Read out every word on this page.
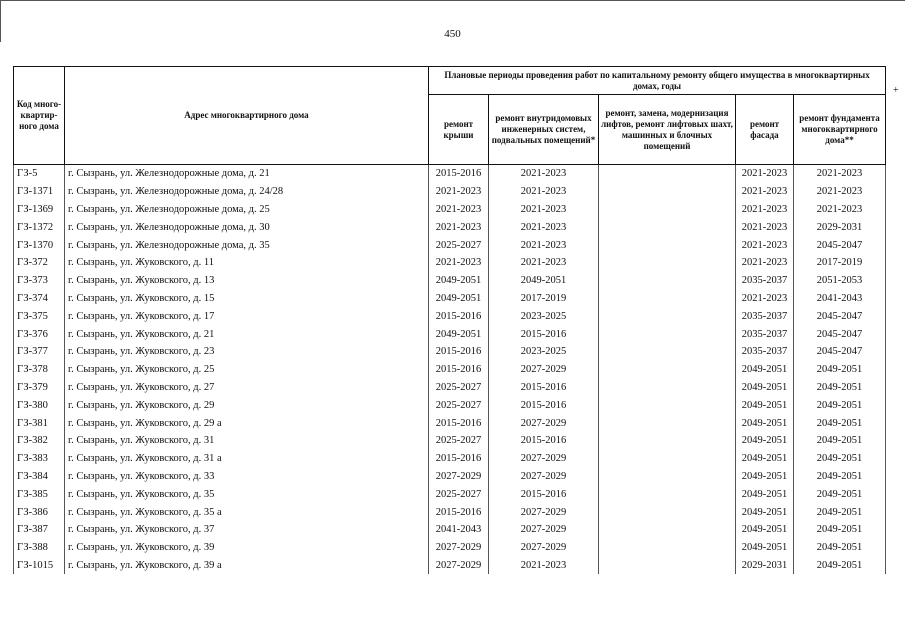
450
+
Код много-квартир-ного дома	Адрес многоквартирного дома	Плановые периоды проведения работ по капитальному ремонту общего имущества в многоквартирных домах, годы				
		ремонт крыши	ремонт внутридомовых инженерных систем, подвальных помещений*	ремонт, замена, модернизация лифтов, ремонт лифтовых шахт, машинных и блочных помещений	ремонт фасада	ремонт фундамента многоквартирного дома**
ГЗ-5	г. Сызрань, ул. Железнодорожные дома, д. 21	2015-2016	2021-2023		2021-2023	2021-2023
ГЗ-1371	г. Сызрань, ул. Железнодорожные дома, д. 24/28	2021-2023	2021-2023		2021-2023	2021-2023
ГЗ-1369	г. Сызрань, ул. Железнодорожные дома, д. 25	2021-2023	2021-2023		2021-2023	2021-2023
ГЗ-1372	г. Сызрань, ул. Железнодорожные дома, д. 30	2021-2023	2021-2023		2021-2023	2029-2031
ГЗ-1370	г. Сызрань, ул. Железнодорожные дома, д. 35	2025-2027	2021-2023		2021-2023	2045-2047
ГЗ-372	г. Сызрань, ул. Жуковского, д. 11	2021-2023	2021-2023		2021-2023	2017-2019
ГЗ-373	г. Сызрань, ул. Жуковского, д. 13	2049-2051	2049-2051		2035-2037	2051-2053
ГЗ-374	г. Сызрань, ул. Жуковского, д. 15	2049-2051	2017-2019		2021-2023	2041-2043
ГЗ-375	г. Сызрань, ул. Жуковского, д. 17	2015-2016	2023-2025		2035-2037	2045-2047
ГЗ-376	г. Сызрань, ул. Жуковского, д. 21	2049-2051	2015-2016		2035-2037	2045-2047
ГЗ-377	г. Сызрань, ул. Жуковского, д. 23	2015-2016	2023-2025		2035-2037	2045-2047
ГЗ-378	г. Сызрань, ул. Жуковского, д. 25	2015-2016	2027-2029		2049-2051	2049-2051
ГЗ-379	г. Сызрань, ул. Жуковского, д. 27	2025-2027	2015-2016		2049-2051	2049-2051
ГЗ-380	г. Сызрань, ул. Жуковского, д. 29	2025-2027	2015-2016		2049-2051	2049-2051
ГЗ-381	г. Сызрань, ул. Жуковского, д. 29 а	2015-2016	2027-2029		2049-2051	2049-2051
ГЗ-382	г. Сызрань, ул. Жуковского, д. 31	2025-2027	2015-2016		2049-2051	2049-2051
ГЗ-383	г. Сызрань, ул. Жуковского, д. 31 а	2015-2016	2027-2029		2049-2051	2049-2051
ГЗ-384	г. Сызрань, ул. Жуковского, д. 33	2027-2029	2027-2029		2049-2051	2049-2051
ГЗ-385	г. Сызрань, ул. Жуковского, д. 35	2025-2027	2015-2016		2049-2051	2049-2051
ГЗ-386	г. Сызрань, ул. Жуковского, д. 35 а	2015-2016	2027-2029		2049-2051	2049-2051
ГЗ-387	г. Сызрань, ул. Жуковского, д. 37	2041-2043	2027-2029		2049-2051	2049-2051
ГЗ-388	г. Сызрань, ул. Жуковского, д. 39	2027-2029	2027-2029		2049-2051	2049-2051
ГЗ-1015	г. Сызрань, ул. Жуковского, д. 39 а	2027-2029	2021-2023		2029-2031	2049-2051
